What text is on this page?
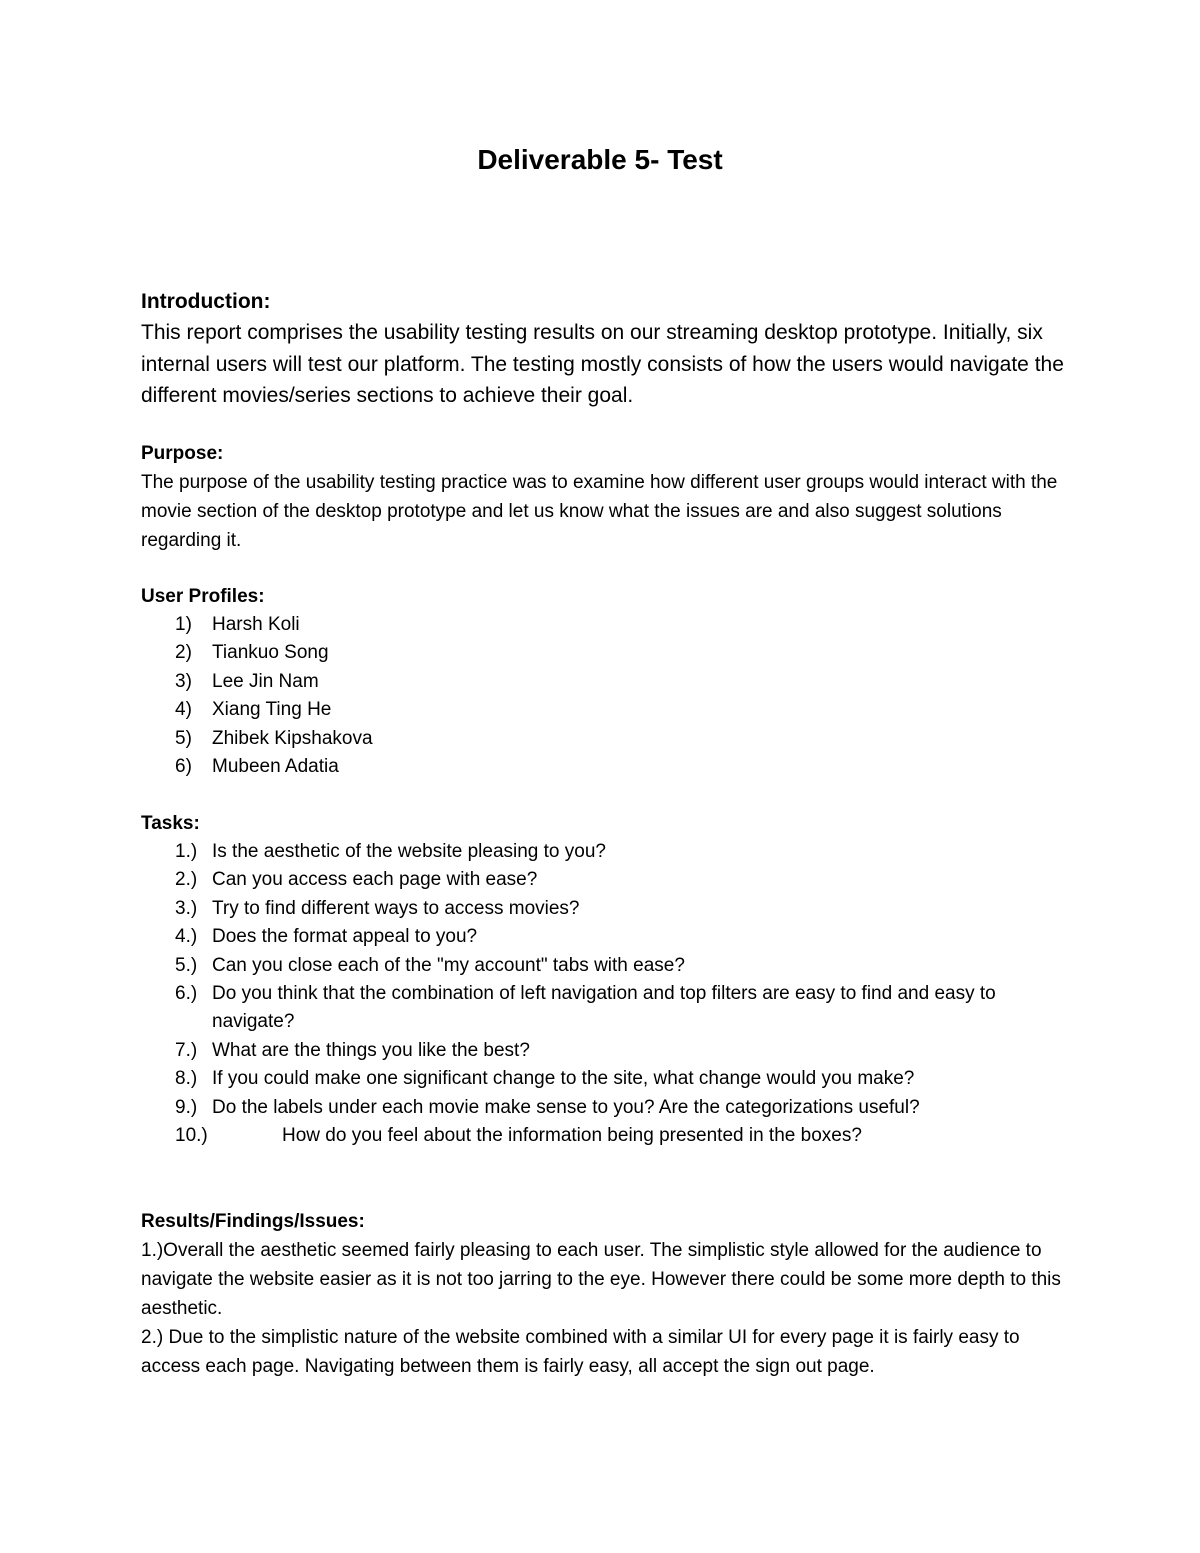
Deliverable 5- Test
Introduction:
This report comprises the usability testing results on our streaming desktop prototype. Initially, six internal users will test our platform. The testing mostly consists of how the users would navigate the different movies/series sections to achieve their goal.
Purpose:
The purpose of the usability testing practice was to examine how different user groups would interact with the movie section of the desktop prototype and let us know what the issues are and also suggest solutions regarding it.
User Profiles:
1) Harsh Koli
2) Tiankuo Song
3) Lee Jin Nam
4) Xiang Ting He
5) Zhibek Kipshakova
6) Mubeen Adatia
Tasks:
1.) Is the aesthetic of the website pleasing to you?
2.) Can you access each page with ease?
3.) Try to find different ways to access movies?
4.) Does the format appeal to you?
5.) Can you close each of the "my account" tabs with ease?
6.) Do you think that the combination of left navigation and top filters are easy to find and easy to navigate?
7.) What are the things you like the best?
8.) If you could make one significant change to the site, what change would you make?
9.) Do the labels under each movie make sense to you? Are the categorizations useful?
10.)	How do you feel about the information being presented in the boxes?
Results/Findings/Issues:
1.)Overall the aesthetic seemed fairly pleasing to each user. The simplistic style allowed for the audience to navigate the website easier as it is not too jarring to the eye. However there could be some more depth to this aesthetic.
2.) Due to the simplistic nature of the website combined with a similar UI for every page it is fairly easy to access each page. Navigating between them is fairly easy, all accept the sign out page.
